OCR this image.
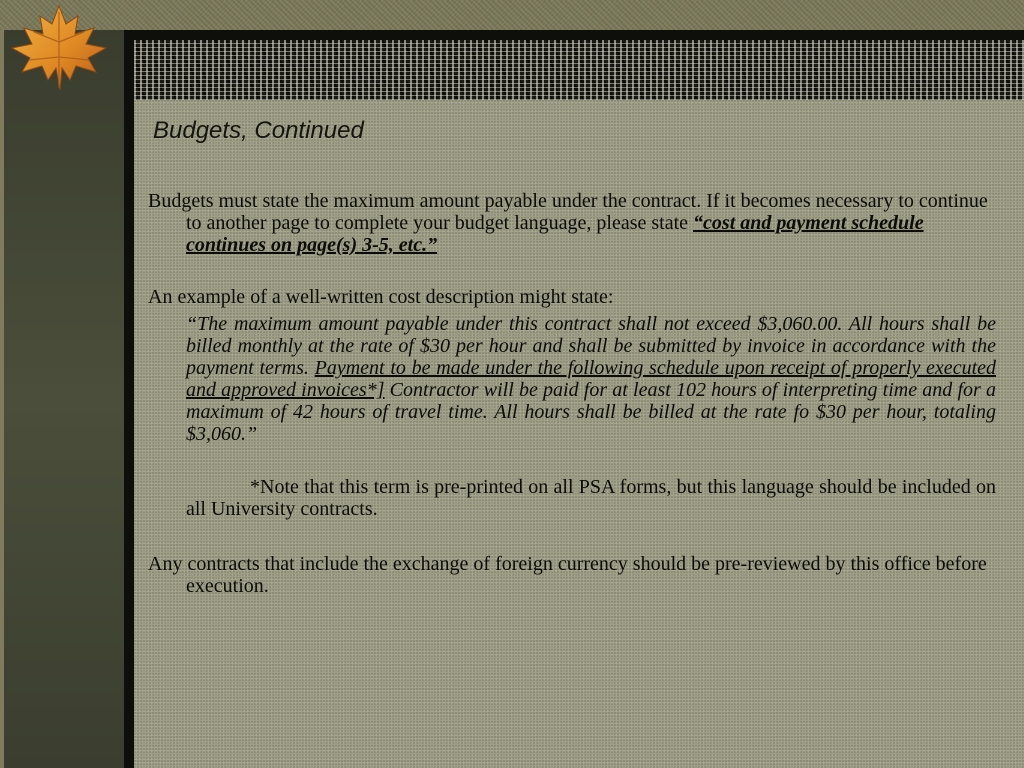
Budgets, Continued

Budgets must state the maximum amount payable under the contract. If it becomes necessary to continue to another page to complete your budget language, please state “cost and payment schedule continues on page(s) 3-5, etc.”

An example of a well-written cost description might state:

“The maximum amount payable under this contract shall not exceed $3,060.00. All hours shall be billed monthly at the rate of $30 per hour and shall be submitted by invoice in accordance with the payment terms. Payment to be made under the following schedule upon receipt of properly executed and approved invoices*] Contractor will be paid for at least 102 hours of interpreting time and for a maximum of 42 hours of travel time. All hours shall be billed at the rate fo $30 per hour, totaling $3,060.”

*Note that this term is pre-printed on all PSA forms, but this language should be included on all University contracts.

Any contracts that include the exchange of foreign currency should be pre-reviewed by this office before execution.
